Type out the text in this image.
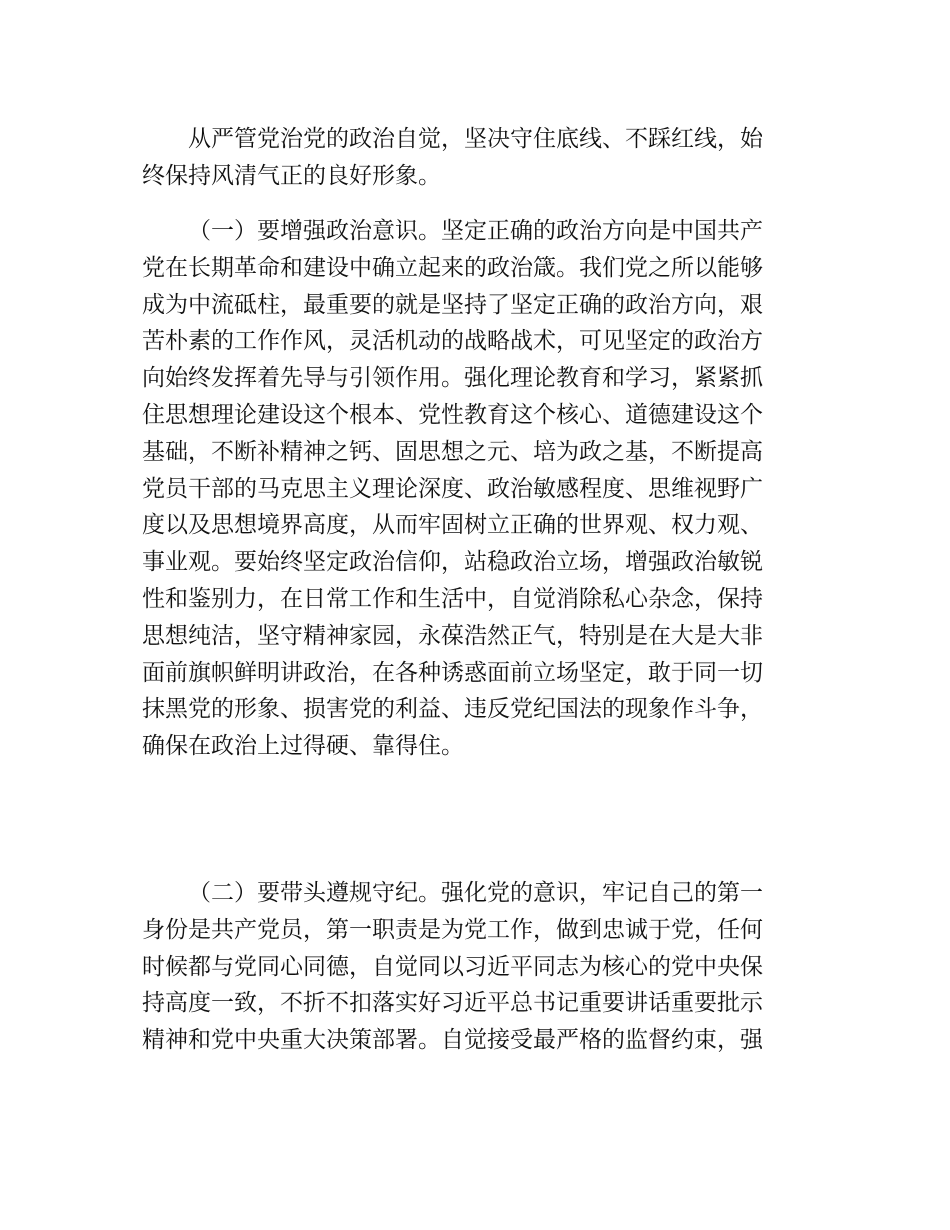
从严管党治党的政治自觉，坚决守住底线、不踩红线，始
终保持风清气正的良好形象。
（一）要增强政治意识。坚定正确的政治方向是中国共产
党在长期革命和建设中确立起来的政治箴。我们党之所以能够
成为中流砥柱，最重要的就是坚持了坚定正确的政治方向，艰
苦朴素的工作作风，灵活机动的战略战术，可见坚定的政治方
向始终发挥着先导与引领作用。强化理论教育和学习，紧紧抓
住思想理论建设这个根本、党性教育这个核心、道德建设这个
基础，不断补精神之钙、固思想之元、培为政之基，不断提高
党员干部的马克思主义理论深度、政治敏感程度、思维视野广
度以及思想境界高度，从而牢固树立正确的世界观、权力观、
事业观。要始终坚定政治信仰，站稳政治立场，增强政治敏锐
性和鉴别力，在日常工作和生活中，自觉消除私心杂念，保持
思想纯洁，坚守精神家园，永葆浩然正气，特别是在大是大非
面前旗帜鲜明讲政治，在各种诱惑面前立场坚定，敢于同一切
抹黑党的形象、损害党的利益、违反党纪国法的现象作斗争，
确保在政治上过得硬、靠得住。
（二）要带头遵规守纪。强化党的意识，牢记自己的第一
身份是共产党员，第一职责是为党工作，做到忠诚于党，任何
时候都与党同心同德，自觉同以习近平同志为核心的党中央保
持高度一致，不折不扣落实好习近平总书记重要讲话重要批示
精神和党中央重大决策部署。自觉接受最严格的监督约束，强
